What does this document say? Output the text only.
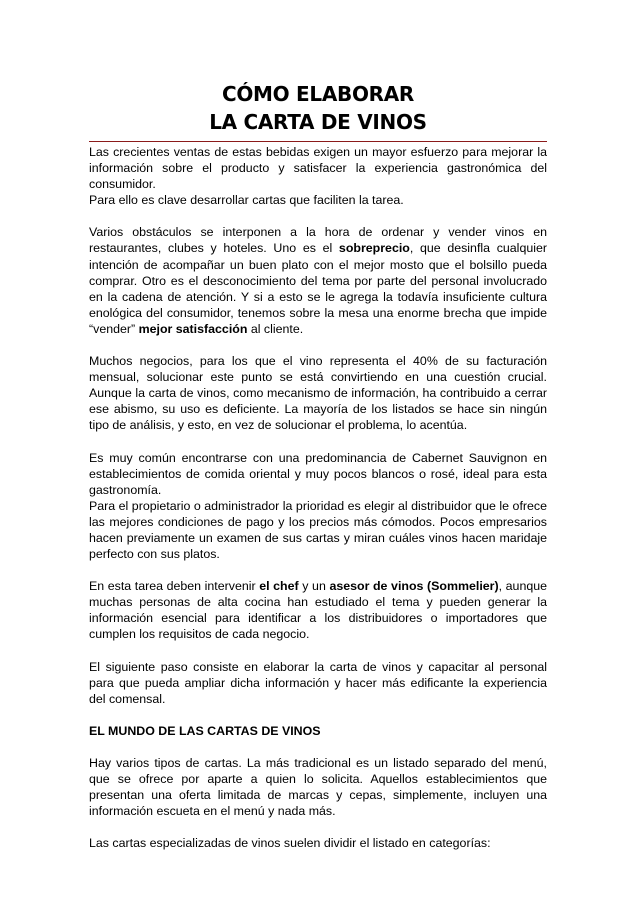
CÓMO ELABORAR
LA CARTA DE VINOS

Las crecientes ventas de estas bebidas exigen un mayor esfuerzo para mejorar la información sobre el producto y satisfacer la experiencia gastronómica del consumidor.
Para ello es clave desarrollar cartas que faciliten la tarea.

Varios obstáculos se interponen a la hora de ordenar y vender vinos en restaurantes, clubes y hoteles. Uno es el sobreprecio, que desinfla cualquier intención de acompañar un buen plato con el mejor mosto que el bolsillo pueda comprar. Otro es el desconocimiento del tema por parte del personal involucrado en la cadena de atención. Y si a esto se le agrega la todavía insuficiente cultura enológica del consumidor, tenemos sobre la mesa una enorme brecha que impide “vender” mejor satisfacción al cliente.

Muchos negocios, para los que el vino representa el 40% de su facturación mensual, solucionar este punto se está convirtiendo en una cuestión crucial. Aunque la carta de vinos, como mecanismo de información, ha contribuido a cerrar ese abismo, su uso es deficiente. La mayoría de los listados se hace sin ningún tipo de análisis, y esto, en vez de solucionar el problema, lo acentúa.

Es muy común encontrarse con una predominancia de Cabernet Sauvignon en establecimientos de comida oriental y muy pocos blancos o rosé, ideal para esta gastronomía.
Para el propietario o administrador la prioridad es elegir al distribuidor que le ofrece las mejores condiciones de pago y los precios más cómodos. Pocos empresarios hacen previamente un examen de sus cartas y miran cuáles vinos hacen maridaje perfecto con sus platos.

En esta tarea deben intervenir el chef y un asesor de vinos (Sommelier), aunque muchas personas de alta cocina han estudiado el tema y pueden generar la información esencial para identificar a los distribuidores o importadores que cumplen los requisitos de cada negocio.

El siguiente paso consiste en elaborar la carta de vinos y capacitar al personal para que pueda ampliar dicha información y hacer más edificante la experiencia del comensal.

EL MUNDO DE LAS CARTAS DE VINOS

Hay varios tipos de cartas. La más tradicional es un listado separado del menú, que se ofrece por aparte a quien lo solicita. Aquellos establecimientos que presentan una oferta limitada de marcas y cepas, simplemente, incluyen una información escueta en el menú y nada más.

Las cartas especializadas de vinos suelen dividir el listado en categorías:
